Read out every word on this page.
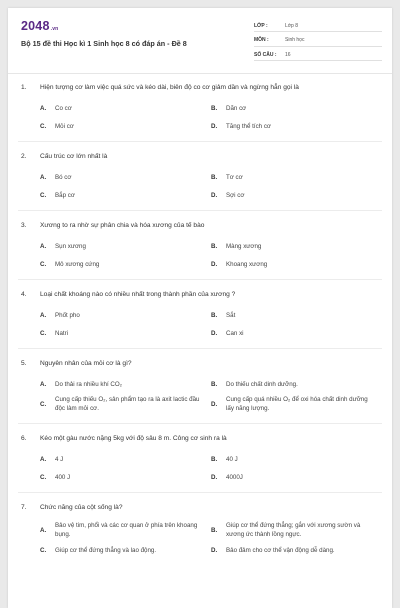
2048.vn
Bộ 15 đề thi Học kì 1 Sinh học 8 có đáp án - Đề 8
LỚP :	Lớp 8
MÔN :	Sinh học
SỐ CÂU :	16
1.	Hiện tượng cơ làm việc quá sức và kéo dài, biên độ co cơ giảm dần và ngừng hẳn gọi là
A.	Co cơ	B.	Dãn cơ
C.	Mỏi cơ	D.	Tăng thể tích cơ
2.	Cấu trúc cơ lớn nhất là
A.	Bó cơ	B.	Tơ cơ
C.	Bắp cơ	D.	Sợi cơ
3.	Xương to ra nhờ sự phân chia và hóa xương của tế bào
A.	Sụn xương	B.	Màng xương
C.	Mô xương cứng	D.	Khoang xương
4.	Loại chất khoáng nào có nhiều nhất trong thành phần của xương ?
A.	Phốt pho	B.	Sắt
C.	Natri	D.	Can xi
5.	Nguyên nhân của mỏi cơ là gì?
A.	Do thải ra nhiều khí CO₂	B.	Do thiếu chất dinh dưỡng.
C.
Cung cấp thiếu O₂, sản phẩm tạo ra là axit lactic đầu độc làm mỏi cơ.
D.
Cung cấp quá nhiều O₂ để oxi hóa chất dinh dưỡng lấy năng lượng.
6.	Kéo một gàu nước nặng 5kg với độ sâu 8 m. Công cơ sinh ra là
A.	4 J	B.	40 J
C.	400 J	D.	4000J
7.	Chức năng của cột sống là?
A.
Bảo vệ tim, phổi và các cơ quan ở phía trên khoang bụng.
B.
Giúp cơ thể đứng thẳng; gắn với xương sườn và xương ức thành lồng ngực.
C.	Giúp cơ thể đứng thẳng và lao động.	D.	Bảo đảm cho cơ thể vận động dễ dàng.
